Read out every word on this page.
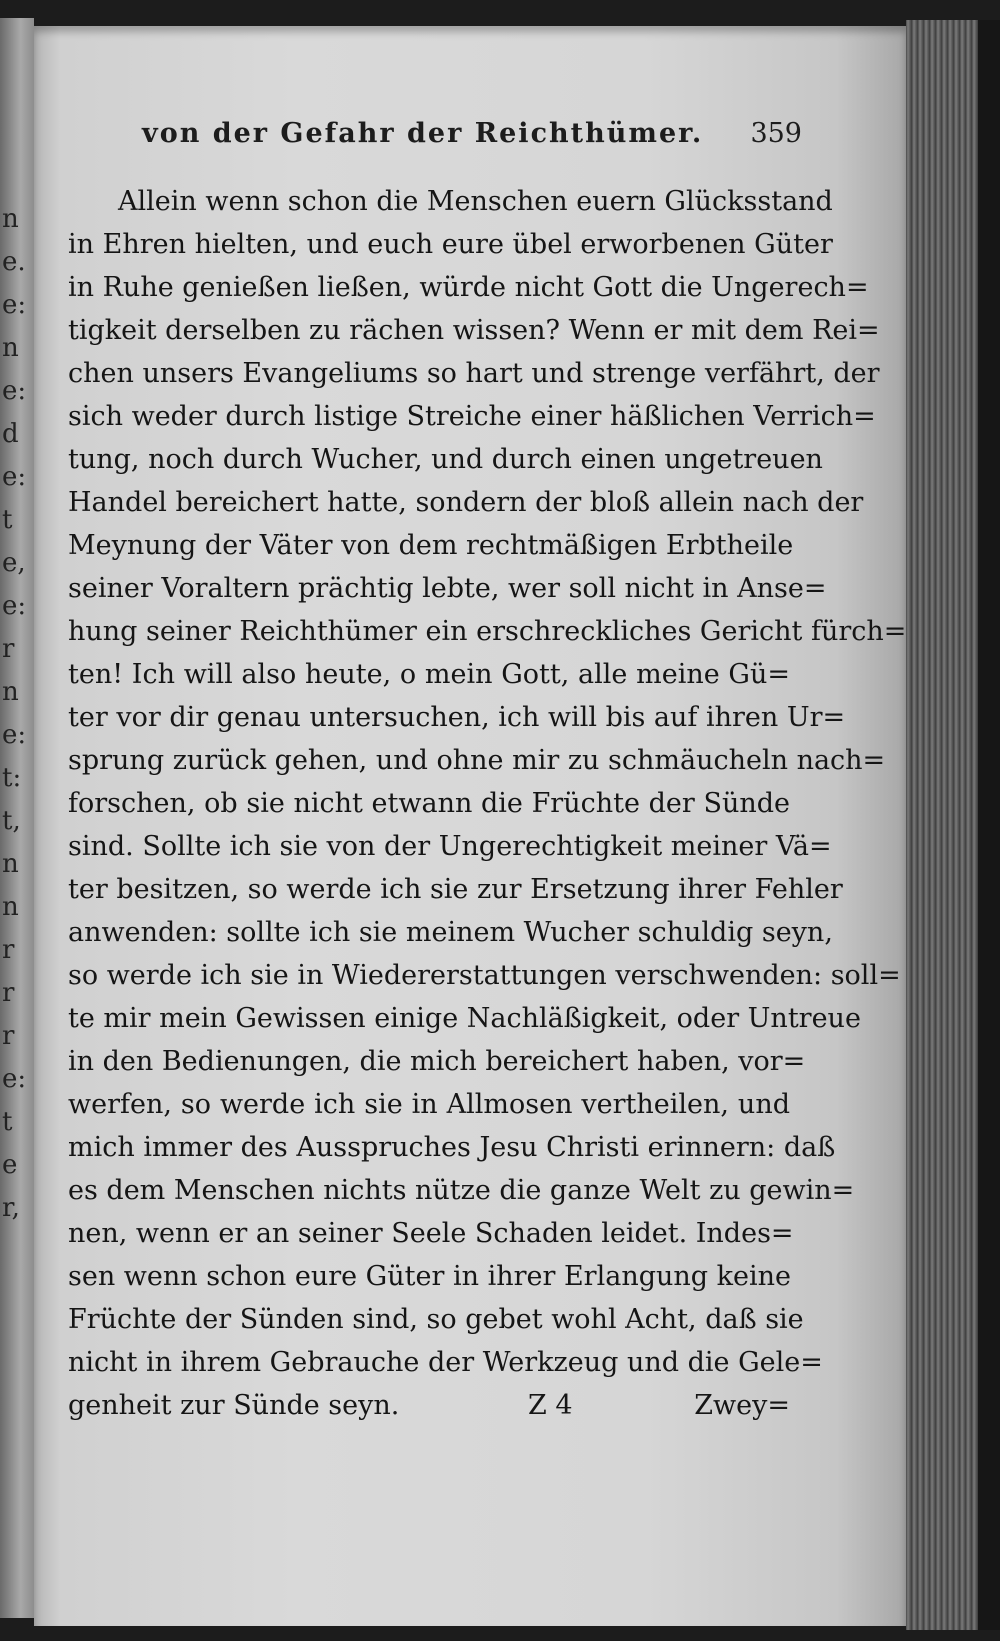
n
e.
e:
n
e:
d
e:
t
e,
e:
r
n
e:
t:
t,
n
n
r
r
r
e:
t
e
r,
von der Gefahr der Reichthümer. 359
Allein wenn schon die Menschen euern Glücksstand
in Ehren hielten, und euch eure übel erworbenen Güter
in Ruhe genießen ließen, würde nicht Gott die Ungerech=
tigkeit derselben zu rächen wissen? Wenn er mit dem Rei=
chen unsers Evangeliums so hart und strenge verfährt, der
sich weder durch listige Streiche einer häßlichen Verrich=
tung, noch durch Wucher, und durch einen ungetreuen
Handel bereichert hatte, sondern der bloß allein nach der
Meynung der Väter von dem rechtmäßigen Erbtheile
seiner Voraltern prächtig lebte, wer soll nicht in Anse=
hung seiner Reichthümer ein erschreckliches Gericht fürch=
ten! Ich will also heute, o mein Gott, alle meine Gü=
ter vor dir genau untersuchen, ich will bis auf ihren Ur=
sprung zurück gehen, und ohne mir zu schmäucheln nach=
forschen, ob sie nicht etwann die Früchte der Sünde
sind. Sollte ich sie von der Ungerechtigkeit meiner Vä=
ter besitzen, so werde ich sie zur Ersetzung ihrer Fehler
anwenden: sollte ich sie meinem Wucher schuldig seyn,
so werde ich sie in Wiedererstattungen verschwenden: soll=
te mir mein Gewissen einige Nachläßigkeit, oder Untreue
in den Bedienungen, die mich bereichert haben, vor=
werfen, so werde ich sie in Allmosen vertheilen, und
mich immer des Ausspruches Jesu Christi erinnern: daß
es dem Menschen nichts nütze die ganze Welt zu gewin=
nen, wenn er an seiner Seele Schaden leidet. Indes=
sen wenn schon eure Güter in ihrer Erlangung keine
Früchte der Sünden sind, so gebet wohl Acht, daß sie
nicht in ihrem Gebrauche der Werkzeug und die Gele=
genheit zur Sünde seyn.	Z 4	Zwey=
